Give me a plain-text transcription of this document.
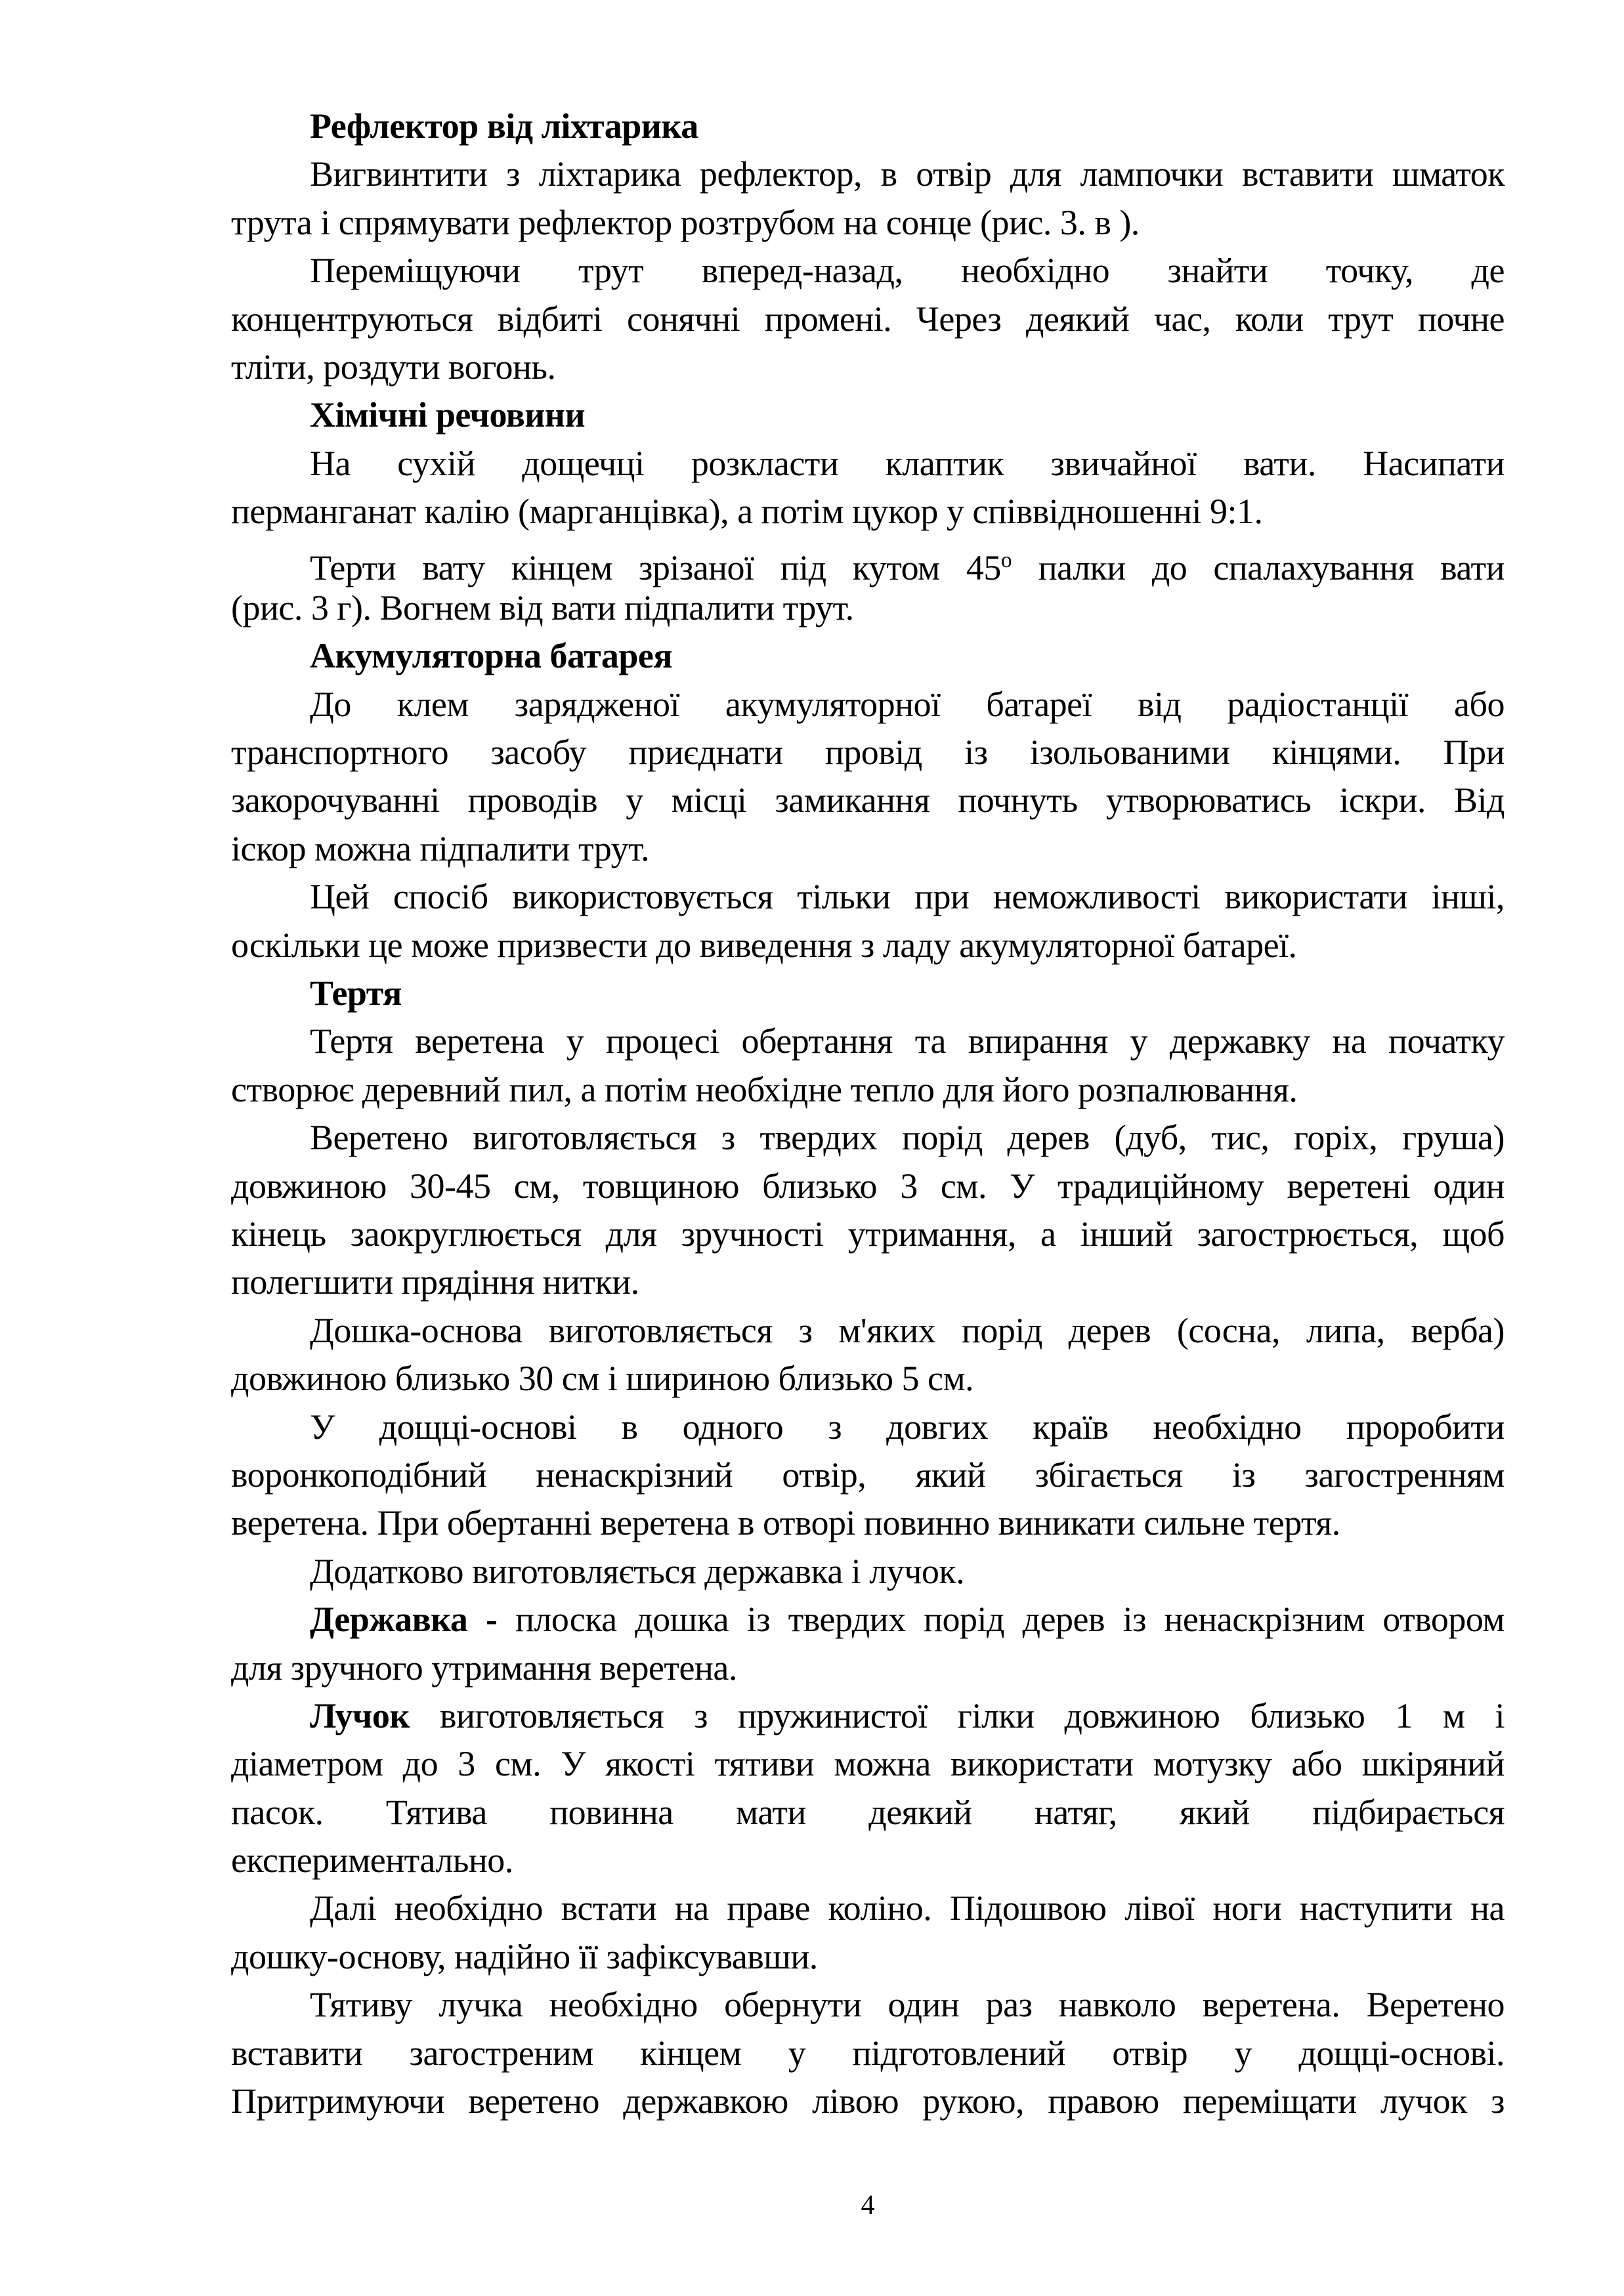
Рефлектор від ліхтарика
Вигвинтити з ліхтарика рефлектор, в отвір для лампочки вставити шматок
трута і спрямувати рефлектор розтрубом на сонце (рис. 3. в ).
Переміщуючи трут вперед-назад, необхідно знайти точку, де
концентруються відбиті сонячні промені. Через деякий час, коли трут почне
тліти, роздути вогонь.
Хімічні речовини
На сухій дощечці розкласти клаптик звичайної вати. Насипати
перманганат калію (марганцівка), а потім цукор у співвідношенні 9:1.
Терти вату кінцем зрізаної під кутом $45^о$ палки до спалахування вати
(рис. 3 г). Вогнем від вати підпалити трут.
Акумуляторна батарея
До клем зарядженої акумуляторної батареї від радіостанції або
транспортного засобу приєднати провід із ізольованими кінцями. При
закорочуванні проводів у місці замикання почнуть утворюватись іскри. Від
іскор можна підпалити трут.
Цей спосіб використовується тільки при неможливості використати інші,
оскільки це може призвести до виведення з ладу акумуляторної батареї.
Тертя
Тертя веретена у процесі обертання та впирання у державку на початку
створює деревний пил, а потім необхідне тепло для його розпалювання.
Веретено виготовляється з твердих порід дерев (дуб, тис, горіх, груша)
довжиною 30-45 см, товщиною близько 3 см. У традиційному веретені один
кінець заокруглюється для зручності утримання, а інший загострюється, щоб
полегшити прядіння нитки.
Дошка-основа виготовляється з м'яких порід дерев (сосна, липа, верба)
довжиною близько 30 см і шириною близько 5 см.
У дощці-основі в одного з довгих країв необхідно проробити
воронкоподібний ненаскрізний отвір, який збігається із загостренням
веретена. При обертанні веретена в отворі повинно виникати сильне тертя.
Додатково виготовляється державка і лучок.
Державка - плоска дошка із твердих порід дерев із ненаскрізним отвором
для зручного утримання веретена.
Лучок виготовляється з пружинистої гілки довжиною близько 1 м і
діаметром до 3 см. У якості тятиви можна використати мотузку або шкіряний
пасок. Тятива повинна мати деякий натяг, який підбирається
експериментально.
Далі необхідно встати на праве коліно. Підошвою лівої ноги наступити на
дошку-основу, надійно її зафіксувавши.
Тятиву лучка необхідно обернути один раз навколо веретена. Веретено
вставити загостреним кінцем у підготовлений отвір у дощці-основі.
Притримуючи веретено державкою лівою рукою, правою переміщати лучок з
4
